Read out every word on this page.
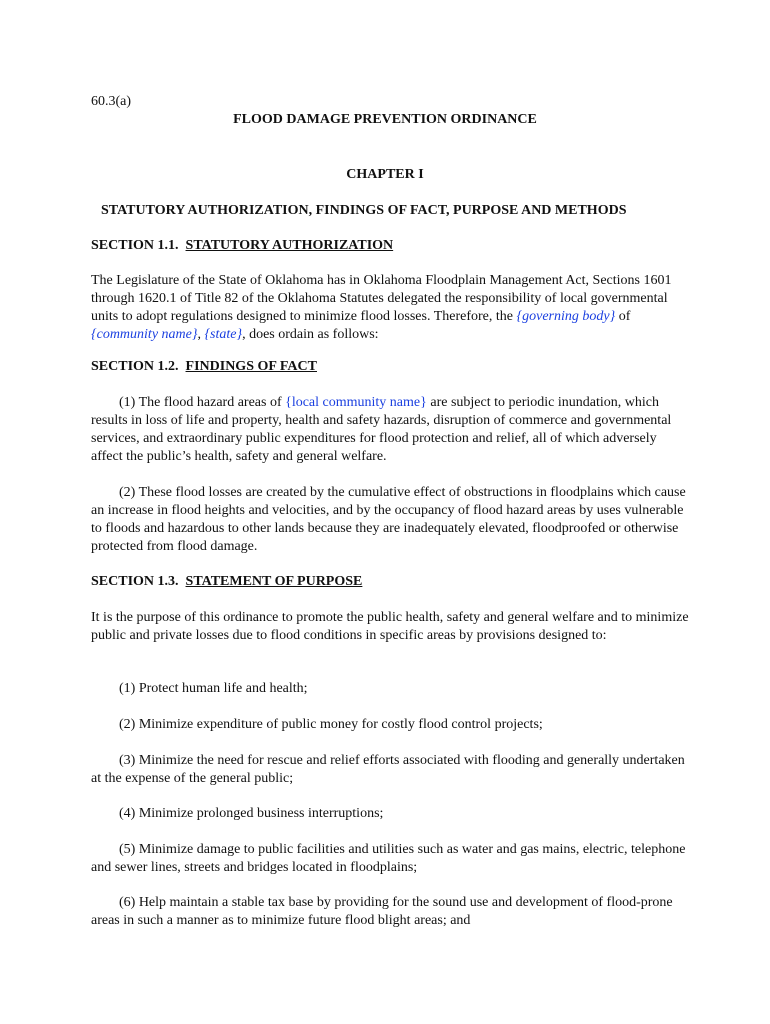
60.3(a)

FLOOD DAMAGE PREVENTION ORDINANCE

CHAPTER I

STATUTORY AUTHORIZATION, FINDINGS OF FACT, PURPOSE AND METHODS

SECTION 1.1. STATUTORY AUTHORIZATION

The Legislature of the State of Oklahoma has in Oklahoma Floodplain Management Act, Sections 1601 through 1620.1 of Title 82 of the Oklahoma Statutes delegated the responsibility of local governmental units to adopt regulations designed to minimize flood losses. Therefore, the {governing body} of {community name}, {state}, does ordain as follows:

SECTION 1.2. FINDINGS OF FACT

(1) The flood hazard areas of {local community name} are subject to periodic inundation, which results in loss of life and property, health and safety hazards, disruption of commerce and governmental services, and extraordinary public expenditures for flood protection and relief, all of which adversely affect the public’s health, safety and general welfare.

(2) These flood losses are created by the cumulative effect of obstructions in floodplains which cause an increase in flood heights and velocities, and by the occupancy of flood hazard areas by uses vulnerable to floods and hazardous to other lands because they are inadequately elevated, floodproofed or otherwise protected from flood damage.

SECTION 1.3. STATEMENT OF PURPOSE

It is the purpose of this ordinance to promote the public health, safety and general welfare and to minimize public and private losses due to flood conditions in specific areas by provisions designed to:

(1) Protect human life and health;

(2) Minimize expenditure of public money for costly flood control projects;

(3) Minimize the need for rescue and relief efforts associated with flooding and generally undertaken at the expense of the general public;

(4) Minimize prolonged business interruptions;

(5) Minimize damage to public facilities and utilities such as water and gas mains, electric, telephone and sewer lines, streets and bridges located in floodplains;

(6) Help maintain a stable tax base by providing for the sound use and development of flood-prone areas in such a manner as to minimize future flood blight areas; and
